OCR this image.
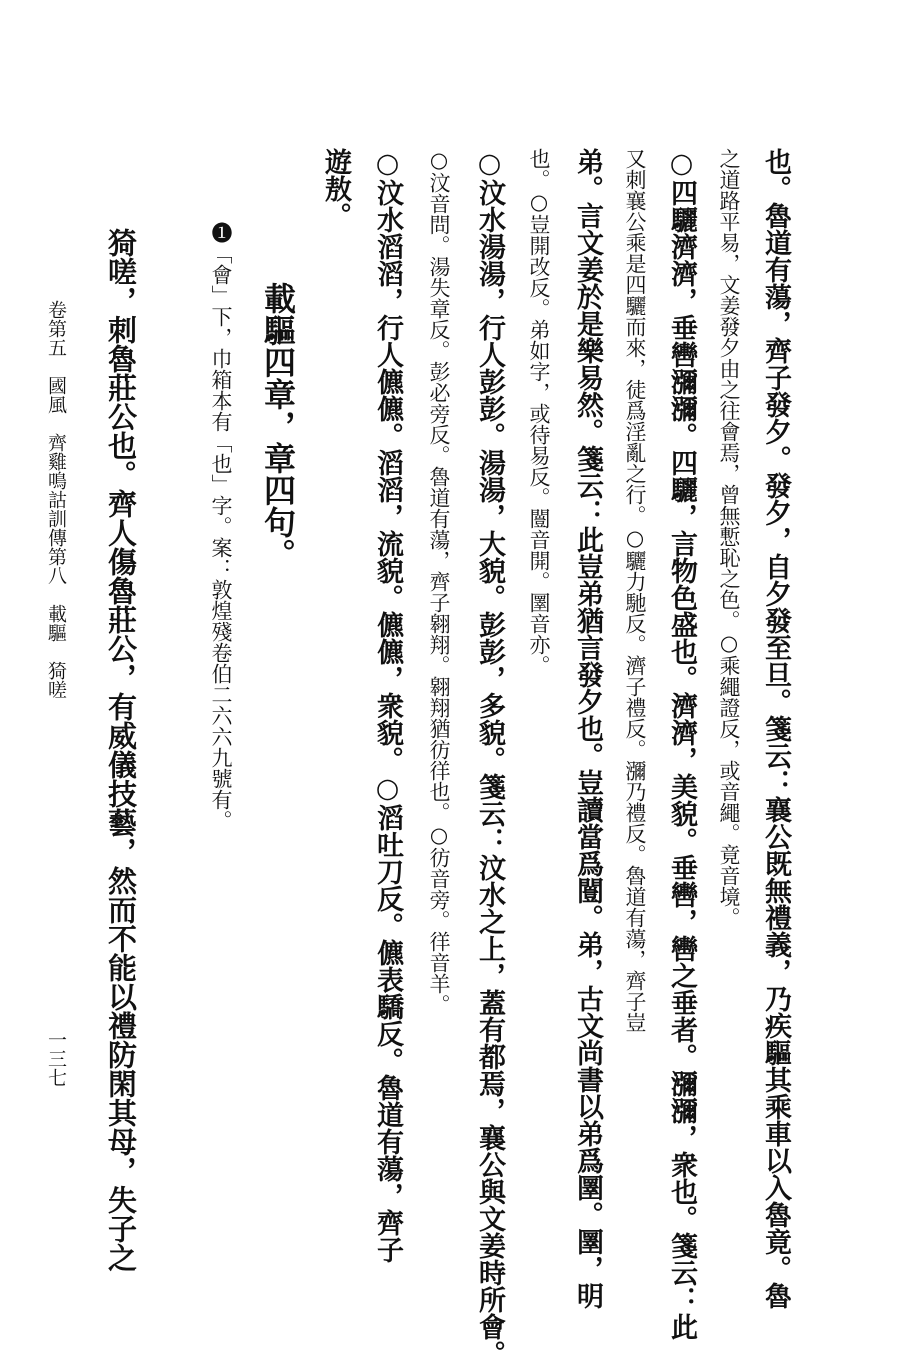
也。魯道有蕩，齊子發夕。發夕，自夕發至旦。箋云：襄公既無禮義，乃疾驅其乘車以入魯竟。魯
之道路平易，文姜發夕由之往會焉，曾無慙恥之色。○乘繩證反，或音繩。竟音境。
○四驪濟濟，垂轡瀰瀰。四驪，言物色盛也。濟濟，美貌。垂轡，轡之垂者。瀰瀰，衆也。箋云：此
又刺襄公乘是四驪而來，徒爲淫亂之行。○驪力馳反。濟子禮反。瀰乃禮反。魯道有蕩，齊子豈
弟。言文姜於是樂易然。箋云：此豈弟猶言發夕也。豈讀當爲闓。弟，古文尚書以弟爲圛。圛，明
也。○豈開改反。弟如字，或待易反。闓音開。圛音亦。
○汶水湯湯，行人彭彭。湯湯，大貌。彭彭，多貌。箋云：汶水之上，蓋有都焉，襄公與文姜時所會。
○汶音問。湯失章反。彭必旁反。魯道有蕩，齊子翱翔。翱翔猶彷徉也。○彷音旁。徉音羊。
○汶水滔滔，行人儦儦。滔滔，流貌。儦儦，衆貌。○滔吐刀反。儦表驕反。魯道有蕩，齊子
遊敖。
載驅四章，章四句。
❶「會」下，巾箱本有「也」字。案：敦煌殘卷伯二六六九號有。
猗嗟，刺魯莊公也。齊人傷魯莊公，有威儀技藝，然而不能以禮防閑其母，失子之
卷第五　國風　齊雞鳴詁訓傳第八　載驅　猗嗟
一三七
